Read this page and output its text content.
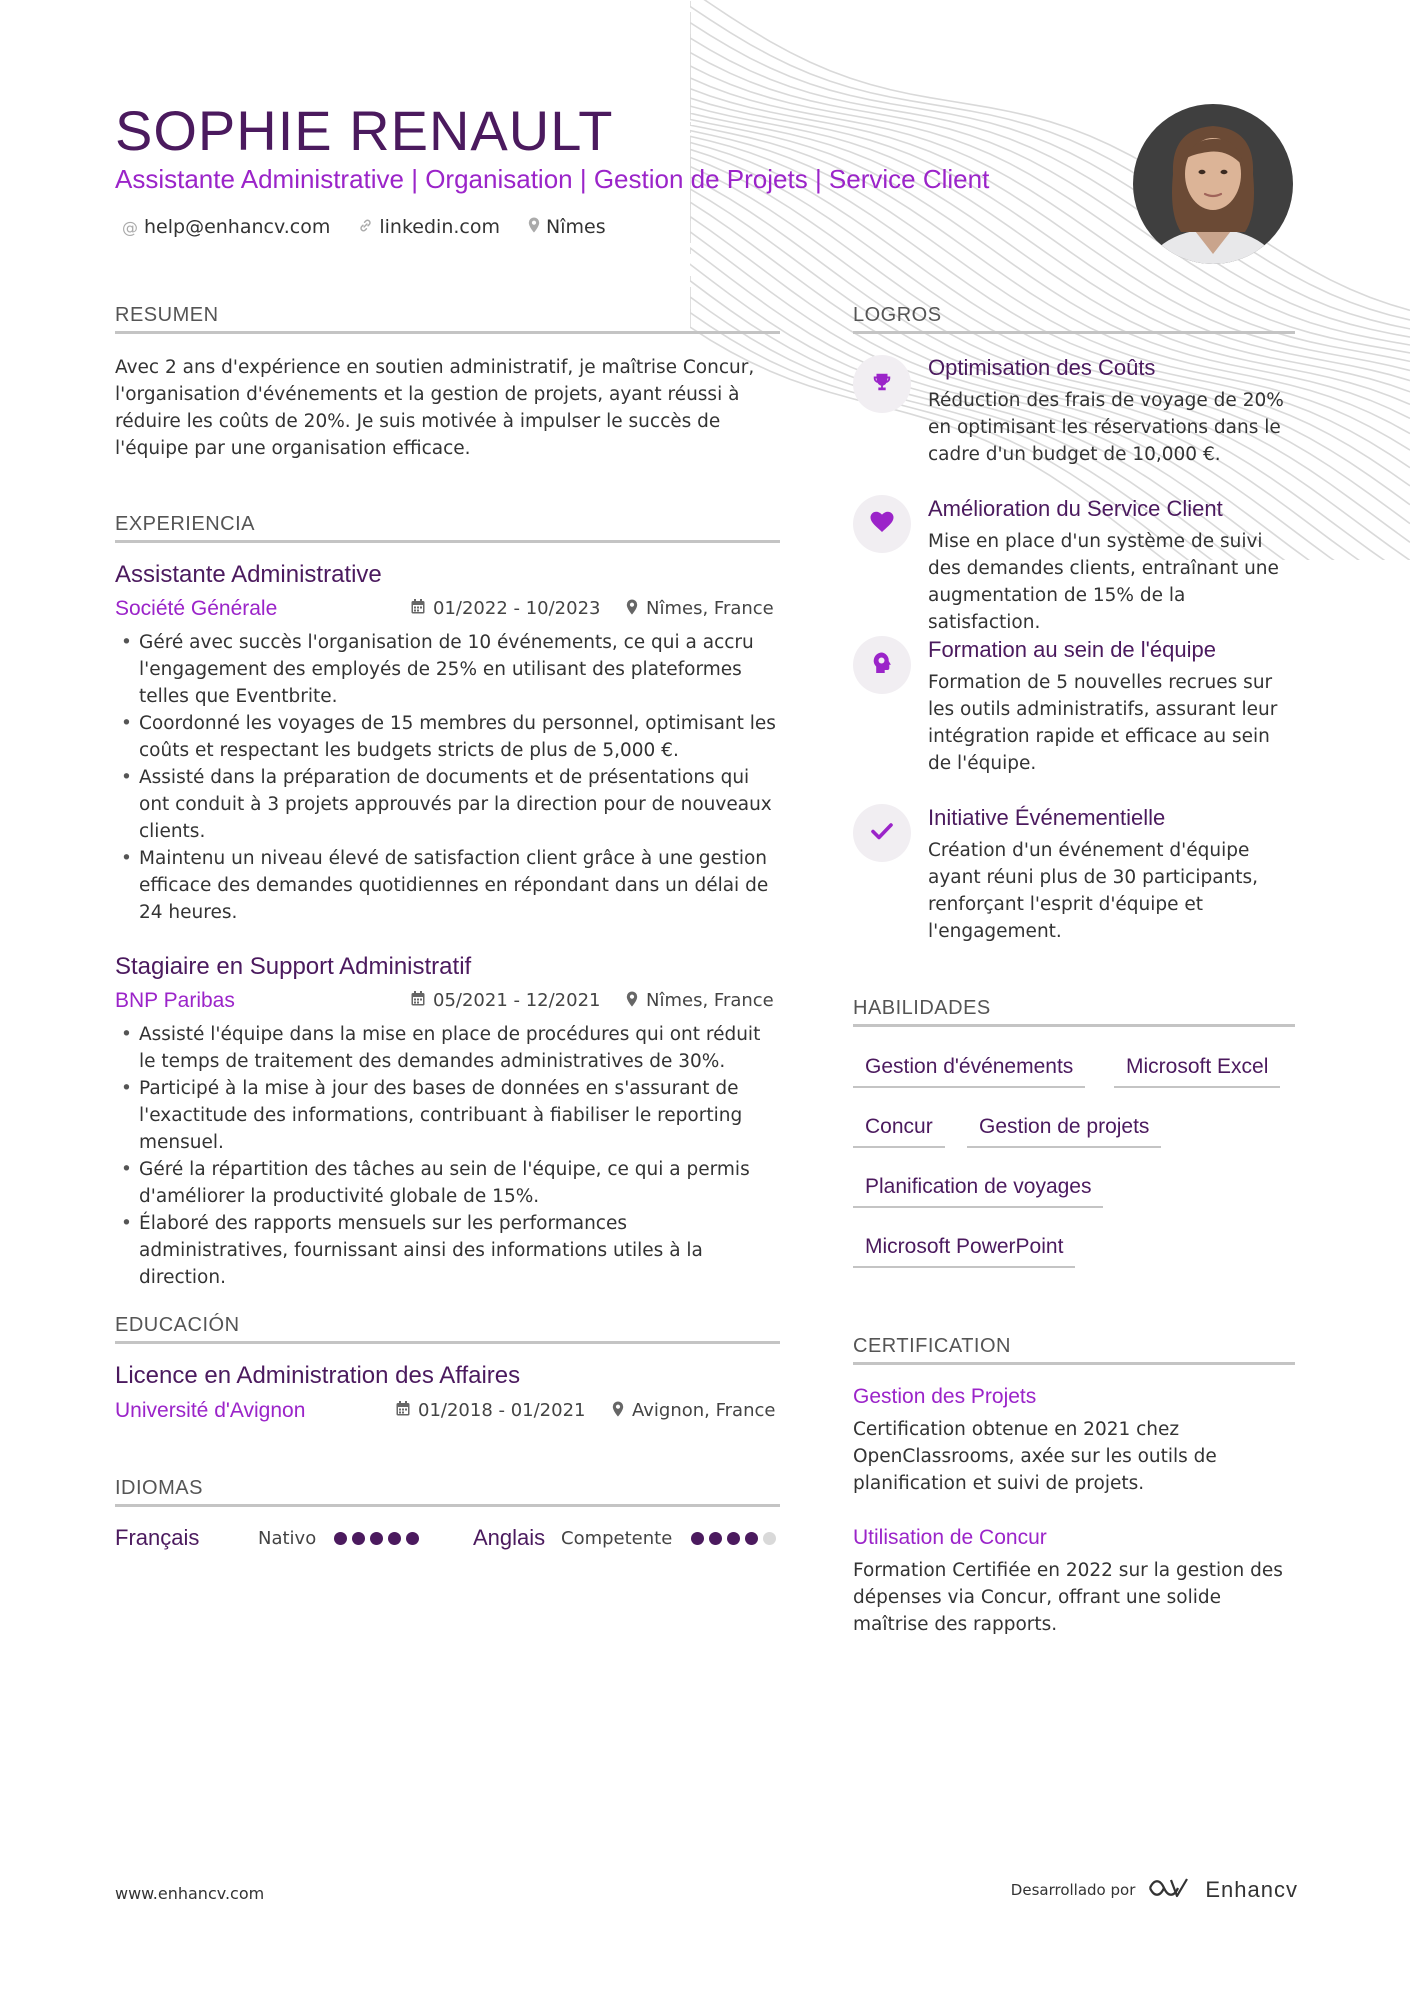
SOPHIE RENAULT
Assistante Administrative | Organisation | Gestion de Projets | Service Client
@ help@enhancv.com	linkedin.com Nîmes
RESUMEN
Avec 2 ans d'expérience en soutien administratif, je maîtrise Concur, l'organisation d'événements et la gestion de projets, ayant réussi à réduire les coûts de 20%. Je suis motivée à impulser le succès de l'équipe par une organisation efficace.
EXPERIENCIA
Assistante Administrative
Société Générale	01/2022 - 10/2023	Nîmes, France
• Géré avec succès l'organisation de 10 événements, ce qui a accru l'engagement des employés de 25% en utilisant des plateformes telles que Eventbrite.
• Coordonné les voyages de 15 membres du personnel, optimisant les coûts et respectant les budgets stricts de plus de 5,000 €.
• Assisté dans la préparation de documents et de présentations qui ont conduit à 3 projets approuvés par la direction pour de nouveaux clients.
• Maintenu un niveau élevé de satisfaction client grâce à une gestion efficace des demandes quotidiennes en répondant dans un délai de 24 heures.
Stagiaire en Support Administratif
BNP Paribas	05/2021 - 12/2021	Nîmes, France
• Assisté l'équipe dans la mise en place de procédures qui ont réduit le temps de traitement des demandes administratives de 30%.
• Participé à la mise à jour des bases de données en s'assurant de l'exactitude des informations, contribuant à fiabiliser le reporting mensuel.
• Géré la répartition des tâches au sein de l'équipe, ce qui a permis d'améliorer la productivité globale de 15%.
• Élaboré des rapports mensuels sur les performances administratives, fournissant ainsi des informations utiles à la direction.
EDUCACIÓN
Licence en Administration des Affaires
Université d'Avignon	01/2018 - 01/2021	Avignon, France
IDIOMAS
Français	Nativo	Anglais Competente
LOGROS
Optimisation des Coûts
Réduction des frais de voyage de 20% en optimisant les réservations dans le cadre d'un budget de 10,000 €.
Amélioration du Service Client
Mise en place d'un système de suivi des demandes clients, entraînant une augmentation de 15% de la satisfaction.
Formation au sein de l'équipe
Formation de 5 nouvelles recrues sur les outils administratifs, assurant leur intégration rapide et efficace au sein de l'équipe.
Initiative Événementielle
Création d'un événement d'équipe ayant réuni plus de 30 participants, renforçant l'esprit d'équipe et l'engagement.
HABILIDADES
Gestion d'événements	Microsoft Excel
Concur	Gestion de projets
Planification de voyages
Microsoft PowerPoint
CERTIFICATION
Gestion des Projets
Certification obtenue en 2021 chez OpenClassrooms, axée sur les outils de planification et suivi de projets.
Utilisation de Concur
Formation Certifiée en 2022 sur la gestion des dépenses via Concur, offrant une solide maîtrise des rapports.
www.enhancv.com	Desarrollado por	Enhancv
